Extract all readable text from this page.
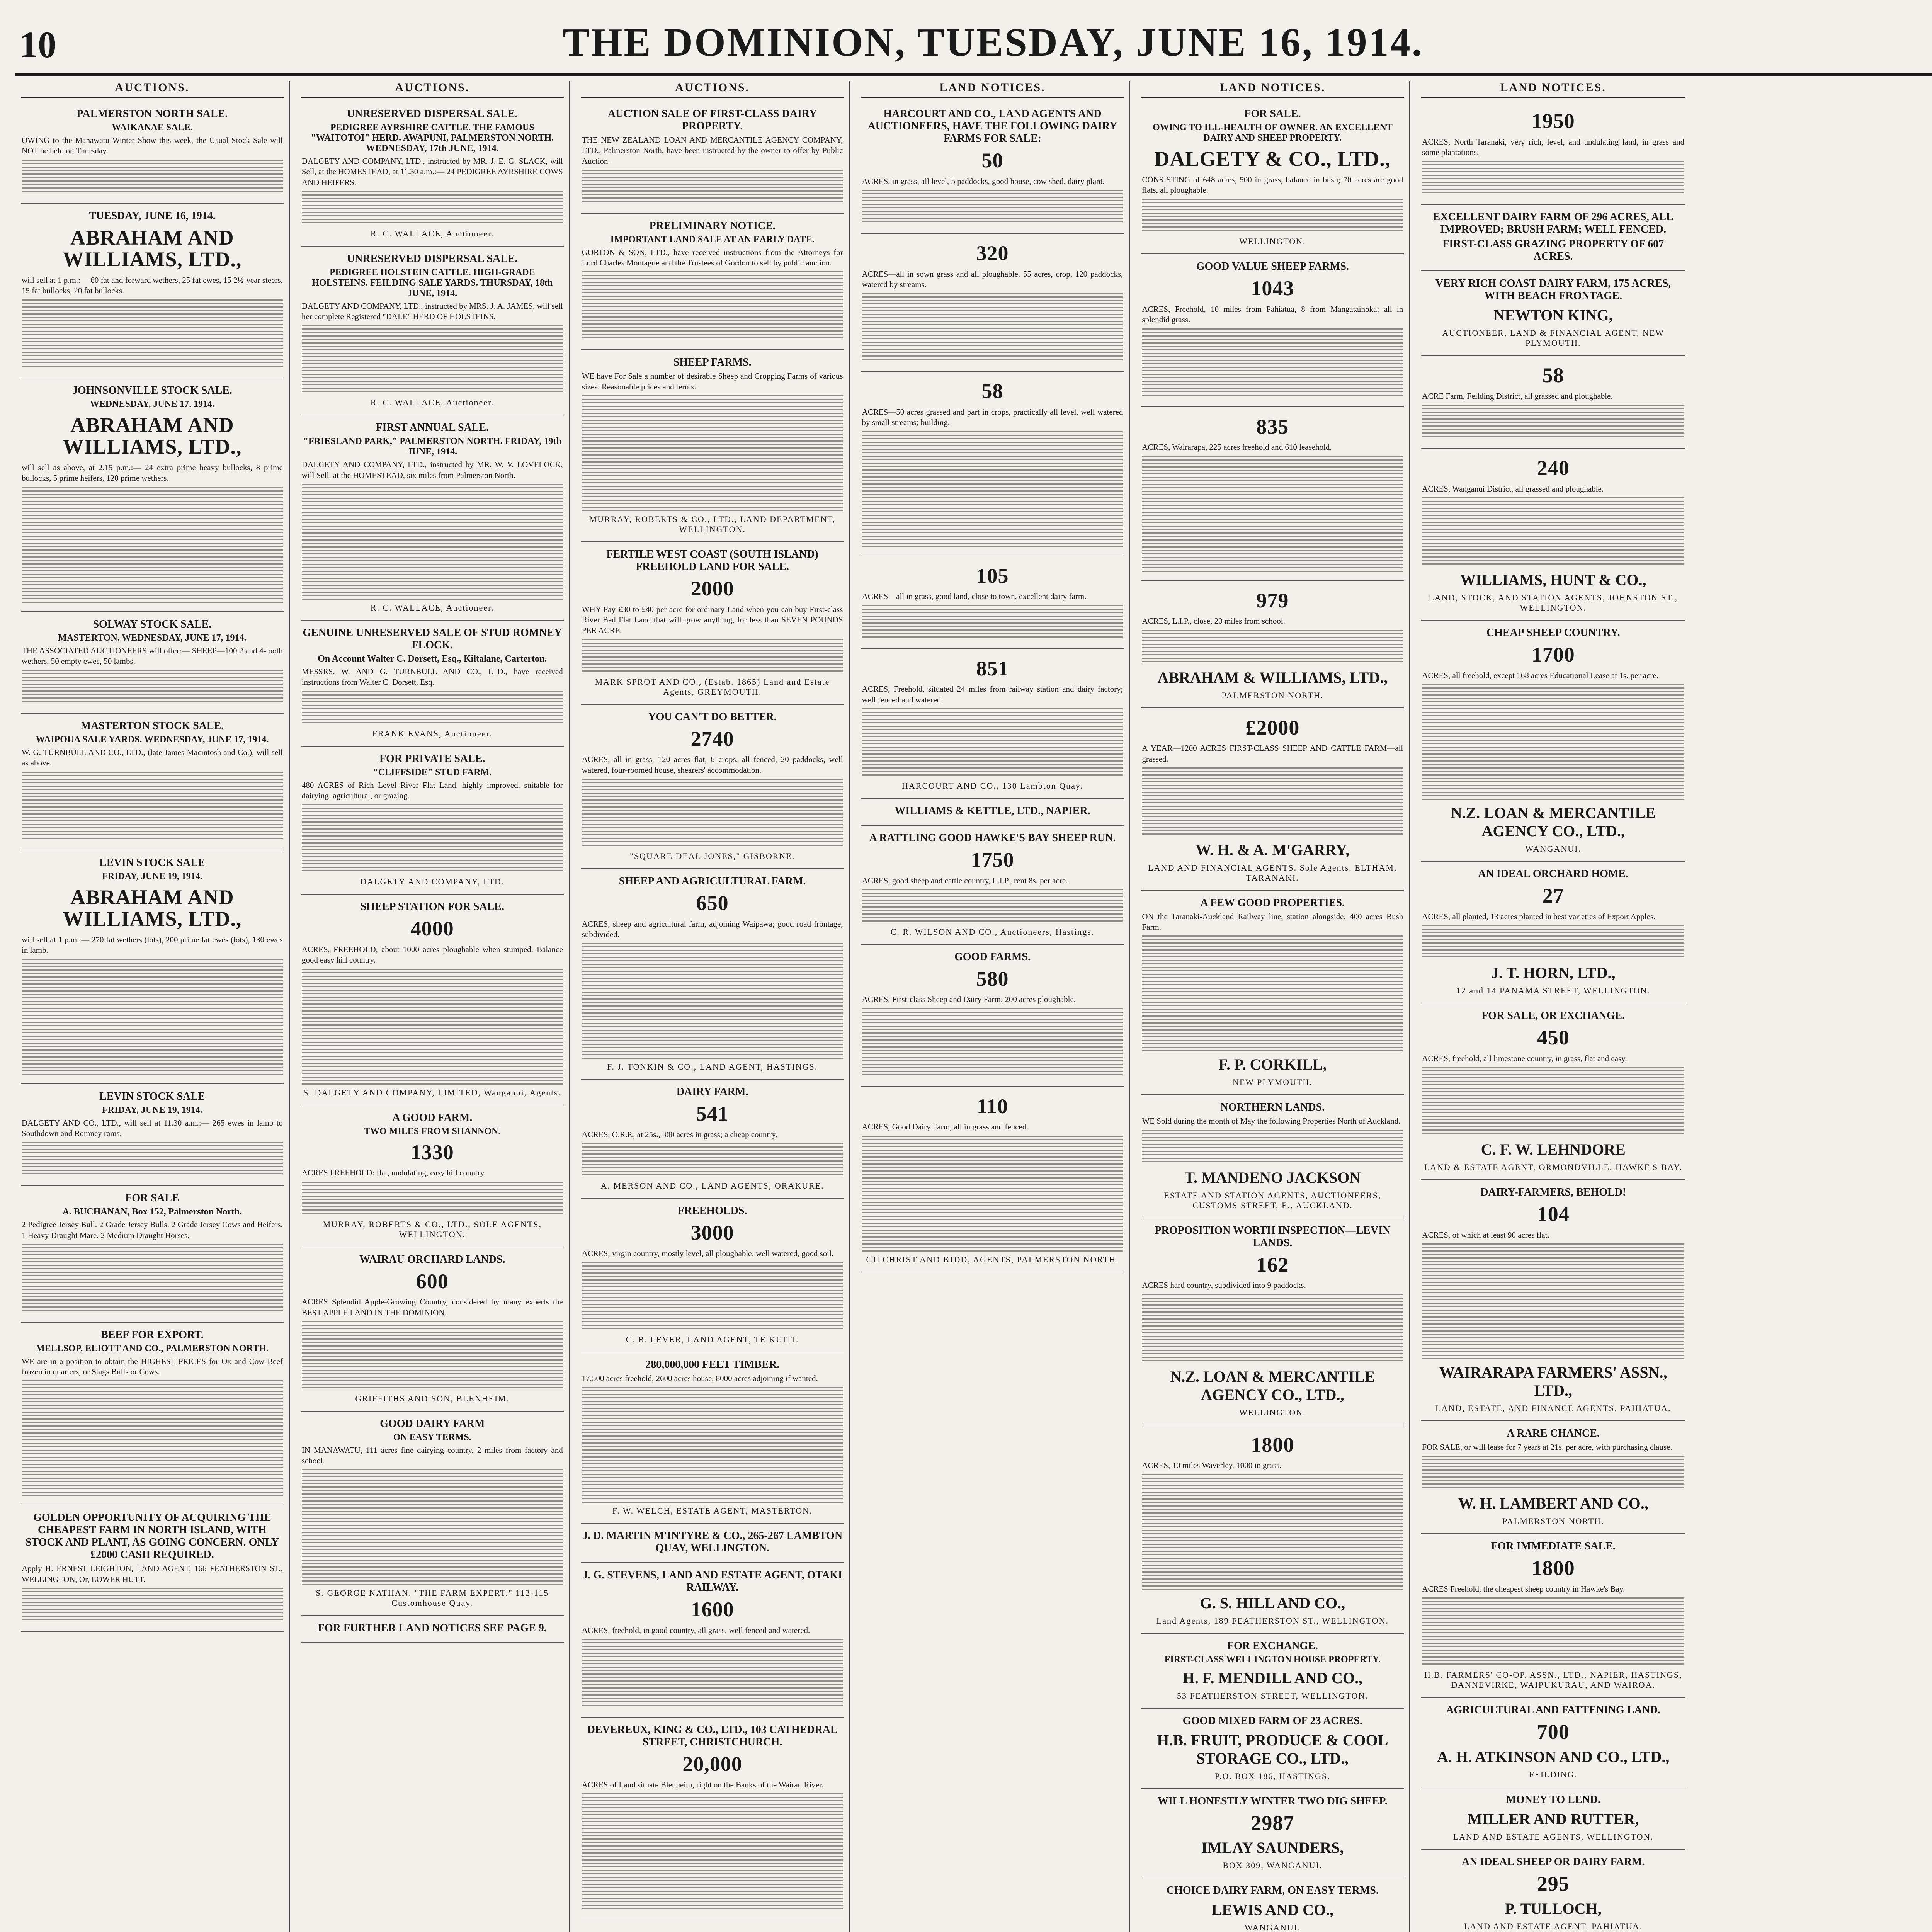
10	THE DOMINION, TUESDAY, JUNE 16, 1914.
AUCTIONS.
PALMERSTON NORTH SALE.
WAIKANAE SALE.
OWING to the Manawatu Winter Show this week, the Usual Stock Sale will NOT be held on Thursday.
TUESDAY, JUNE 16, 1914.
ABRAHAM AND WILLIAMS, LTD.,
will sell at 1 p.m.:— 60 fat and forward wethers, 25 fat ewes, 15 2½-year steers, 15 fat bullocks, 20 fat bullocks.
JOHNSONVILLE STOCK SALE.
WEDNESDAY, JUNE 17, 1914.
ABRAHAM AND WILLIAMS, LTD.,
will sell as above, at 2.15 p.m.:— 24 extra prime heavy bullocks, 8 prime bullocks, 5 prime heifers, 120 prime wethers.
SOLWAY STOCK SALE.
MASTERTON. WEDNESDAY, JUNE 17, 1914.
THE ASSOCIATED AUCTIONEERS will offer:— SHEEP—100 2 and 4-tooth wethers, 50 empty ewes, 50 lambs.
MASTERTON STOCK SALE.
WAIPOUA SALE YARDS. WEDNESDAY, JUNE 17, 1914.
W. G. TURNBULL AND CO., LTD., (late James Macintosh and Co.), will sell as above.
LEVIN STOCK SALE
FRIDAY, JUNE 19, 1914.
ABRAHAM AND WILLIAMS, LTD.,
will sell at 1 p.m.:— 270 fat wethers (lots), 200 prime fat ewes (lots), 130 ewes in lamb.
LEVIN STOCK SALE
FRIDAY, JUNE 19, 1914.
DALGETY AND CO., LTD., will sell at 11.30 a.m.:— 265 ewes in lamb to Southdown and Romney rams.
FOR SALE
A. BUCHANAN, Box 152, Palmerston North.
2 Pedigree Jersey Bull. 2 Grade Jersey Bulls. 2 Grade Jersey Cows and Heifers. 1 Heavy Draught Mare. 2 Medium Draught Horses.
BEEF FOR EXPORT.
MELLSOP, ELIOTT AND CO., PALMERSTON NORTH.
WE are in a position to obtain the HIGHEST PRICES for Ox and Cow Beef frozen in quarters, or Stags Bulls or Cows.
GOLDEN OPPORTUNITY OF ACQUIRING THE CHEAPEST FARM IN NORTH ISLAND, WITH STOCK AND PLANT, AS GOING CONCERN. ONLY £2000 CASH REQUIRED.
Apply H. ERNEST LEIGHTON, LAND AGENT, 166 FEATHERSTON ST., WELLINGTON, Or, LOWER HUTT.
AUCTIONS.
UNRESERVED DISPERSAL SALE.
PEDIGREE AYRSHIRE CATTLE. THE FAMOUS "WAITOTOI" HERD. AWAPUNI, PALMERSTON NORTH. WEDNESDAY, 17th JUNE, 1914.
DALGETY AND COMPANY, LTD., instructed by MR. J. E. G. SLACK, will Sell, at the HOMESTEAD, at 11.30 a.m.:— 24 PEDIGREE AYRSHIRE COWS AND HEIFERS.
R. C. WALLACE, Auctioneer.
UNRESERVED DISPERSAL SALE.
PEDIGREE HOLSTEIN CATTLE. HIGH-GRADE HOLSTEINS. FEILDING SALE YARDS. THURSDAY, 18th JUNE, 1914.
DALGETY AND COMPANY, LTD., instructed by MRS. J. A. JAMES, will sell her complete Registered "DALE" HERD OF HOLSTEINS.
R. C. WALLACE, Auctioneer.
FIRST ANNUAL SALE.
"FRIESLAND PARK," PALMERSTON NORTH. FRIDAY, 19th JUNE, 1914.
DALGETY AND COMPANY, LTD., instructed by MR. W. V. LOVELOCK, will Sell, at the HOMESTEAD, six miles from Palmerston North.
R. C. WALLACE, Auctioneer.
GENUINE UNRESERVED SALE OF STUD ROMNEY FLOCK.
On Account Walter C. Dorsett, Esq., Kiltalane, Carterton.
MESSRS. W. AND G. TURNBULL AND CO., LTD., have received instructions from Walter C. Dorsett, Esq.
FRANK EVANS, Auctioneer.
FOR PRIVATE SALE.
"CLIFFSIDE" STUD FARM.
480 ACRES of Rich Level River Flat Land, highly improved, suitable for dairying, agricultural, or grazing.
DALGETY AND COMPANY, LTD.
SHEEP STATION FOR SALE.
4000
ACRES, FREEHOLD, about 1000 acres ploughable when stumped. Balance good easy hill country.
S. DALGETY AND COMPANY, LIMITED, Wanganui, Agents.
A GOOD FARM.
TWO MILES FROM SHANNON.
1330
ACRES FREEHOLD: flat, undulating, easy hill country.
MURRAY, ROBERTS & CO., LTD., SOLE AGENTS, WELLINGTON.
WAIRAU ORCHARD LANDS.
600
ACRES Splendid Apple-Growing Country, considered by many experts the BEST APPLE LAND IN THE DOMINION.
GRIFFITHS AND SON, BLENHEIM.
GOOD DAIRY FARM
ON EASY TERMS.
IN MANAWATU, 111 acres fine dairying country, 2 miles from factory and school.
S. GEORGE NATHAN, "THE FARM EXPERT," 112-115 Customhouse Quay.
FOR FURTHER LAND NOTICES SEE PAGE 9.
AUCTIONS.
AUCTION SALE OF FIRST-CLASS DAIRY PROPERTY.
THE NEW ZEALAND LOAN AND MERCANTILE AGENCY COMPANY, LTD., Palmerston North, have been instructed by the owner to offer by Public Auction.
PRELIMINARY NOTICE.
IMPORTANT LAND SALE AT AN EARLY DATE.
GORTON & SON, LTD., have received instructions from the Attorneys for Lord Charles Montague and the Trustees of Gordon to sell by public auction.
SHEEP FARMS.
WE have For Sale a number of desirable Sheep and Cropping Farms of various sizes. Reasonable prices and terms.
MURRAY, ROBERTS & CO., LTD., LAND DEPARTMENT, WELLINGTON.
FERTILE WEST COAST (SOUTH ISLAND) FREEHOLD LAND FOR SALE.
2000
WHY Pay £30 to £40 per acre for ordinary Land when you can buy First-class River Bed Flat Land that will grow anything, for less than SEVEN POUNDS PER ACRE.
MARK SPROT AND CO., (Estab. 1865) Land and Estate Agents, GREYMOUTH.
YOU CAN'T DO BETTER.
2740
ACRES, all in grass, 120 acres flat, 6 crops, all fenced, 20 paddocks, well watered, four-roomed house, shearers' accommodation.
"SQUARE DEAL JONES," GISBORNE.
SHEEP AND AGRICULTURAL FARM.
650
ACRES, sheep and agricultural farm, adjoining Waipawa; good road frontage, subdivided.
F. J. TONKIN & CO., LAND AGENT, HASTINGS.
DAIRY FARM.
541
ACRES, O.R.P., at 25s., 300 acres in grass; a cheap country.
A. MERSON AND CO., LAND AGENTS, ORAKURE.
FREEHOLDS.
3000
ACRES, virgin country, mostly level, all ploughable, well watered, good soil.
C. B. LEVER, LAND AGENT, TE KUITI.
280,000,000 FEET TIMBER.
17,500 acres freehold, 2600 acres house, 8000 acres adjoining if wanted.
F. W. WELCH, ESTATE AGENT, MASTERTON.
J. D. MARTIN M'INTYRE & CO., 265-267 LAMBTON QUAY, WELLINGTON.
J. G. STEVENS, LAND AND ESTATE AGENT, OTAKI RAILWAY.
1600
ACRES, freehold, in good country, all grass, well fenced and watered.
DEVEREUX, KING & CO., LTD., 103 CATHEDRAL STREET, CHRISTCHURCH.
20,000
ACRES of Land situate Blenheim, right on the Banks of the Wairau River.
LAND NOTICES.
HARCOURT AND CO., LAND AGENTS AND AUCTIONEERS, HAVE THE FOLLOWING DAIRY FARMS FOR SALE:
50
ACRES, in grass, all level, 5 paddocks, good house, cow shed, dairy plant.
320
ACRES—all in sown grass and all ploughable, 55 acres, crop, 120 paddocks, watered by streams.
58
ACRES—50 acres grassed and part in crops, practically all level, well watered by small streams; building.
105
ACRES—all in grass, good land, close to town, excellent dairy farm.
851
ACRES, Freehold, situated 24 miles from railway station and dairy factory; well fenced and watered.
HARCOURT AND CO., 130 Lambton Quay.
WILLIAMS & KETTLE, LTD., NAPIER.
A RATTLING GOOD HAWKE'S BAY SHEEP RUN.
1750
ACRES, good sheep and cattle country, L.I.P., rent 8s. per acre.
C. R. WILSON AND CO., Auctioneers, Hastings.
GOOD FARMS.
580
ACRES, First-class Sheep and Dairy Farm, 200 acres ploughable.
110
ACRES, Good Dairy Farm, all in grass and fenced.
GILCHRIST AND KIDD, AGENTS, PALMERSTON NORTH.
LAND NOTICES.
FOR SALE.
OWING TO ILL-HEALTH OF OWNER. AN EXCELLENT DAIRY AND SHEEP PROPERTY.
DALGETY & CO., LTD.,
CONSISTING of 648 acres, 500 in grass, balance in bush; 70 acres are good flats, all ploughable.
WELLINGTON.
GOOD VALUE SHEEP FARMS.
1043
ACRES, Freehold, 10 miles from Pahiatua, 8 from Mangatainoka; all in splendid grass.
835
ACRES, Wairarapa, 225 acres freehold and 610 leasehold.
979
ACRES, L.I.P., close, 20 miles from school.
ABRAHAM & WILLIAMS, LTD.,
PALMERSTON NORTH.
£2000
A YEAR—1200 ACRES FIRST-CLASS SHEEP AND CATTLE FARM—all grassed.
W. H. & A. M'GARRY,
LAND AND FINANCIAL AGENTS. Sole Agents. ELTHAM, TARANAKI.
A FEW GOOD PROPERTIES.
ON the Taranaki-Auckland Railway line, station alongside, 400 acres Bush Farm.
F. P. CORKILL,
NEW PLYMOUTH.
NORTHERN LANDS.
WE Sold during the month of May the following Properties North of Auckland.
T. MANDENO JACKSON
ESTATE AND STATION AGENTS, AUCTIONEERS, CUSTOMS STREET, E., AUCKLAND.
PROPOSITION WORTH INSPECTION—LEVIN LANDS.
162
ACRES hard country, subdivided into 9 paddocks.
N.Z. LOAN & MERCANTILE AGENCY CO., LTD.,
WELLINGTON.
1800
ACRES, 10 miles Waverley, 1000 in grass.
G. S. HILL AND CO.,
Land Agents, 189 FEATHERSTON ST., WELLINGTON.
FOR EXCHANGE.
FIRST-CLASS WELLINGTON HOUSE PROPERTY.
H. F. MENDILL AND CO.,
53 FEATHERSTON STREET, WELLINGTON.
GOOD MIXED FARM OF 23 ACRES.
H.B. FRUIT, PRODUCE & COOL STORAGE CO., LTD.,
P.O. BOX 186, HASTINGS.
WILL HONESTLY WINTER TWO DIG SHEEP.
2987
IMLAY SAUNDERS,
BOX 309, WANGANUI.
CHOICE DAIRY FARM, ON EASY TERMS.
LEWIS AND CO.,
WANGANUI.
LAND NOTICES.
1950
ACRES, North Taranaki, very rich, level, and undulating land, in grass and some plantations.
EXCELLENT DAIRY FARM OF 296 ACRES, ALL IMPROVED; BRUSH FARM; WELL FENCED.
FIRST-CLASS GRAZING PROPERTY OF 607 ACRES.
VERY RICH COAST DAIRY FARM, 175 ACRES, WITH BEACH FRONTAGE.
NEWTON KING,
AUCTIONEER, LAND & FINANCIAL AGENT, NEW PLYMOUTH.
58
ACRE Farm, Feilding District, all grassed and ploughable.
240
ACRES, Wanganui District, all grassed and ploughable.
WILLIAMS, HUNT & CO.,
LAND, STOCK, AND STATION AGENTS, JOHNSTON ST., WELLINGTON.
CHEAP SHEEP COUNTRY.
1700
ACRES, all freehold, except 168 acres Educational Lease at 1s. per acre.
N.Z. LOAN & MERCANTILE AGENCY CO., LTD.,
WANGANUI.
AN IDEAL ORCHARD HOME.
27
ACRES, all planted, 13 acres planted in best varieties of Export Apples.
J. T. HORN, LTD.,
12 and 14 PANAMA STREET, WELLINGTON.
FOR SALE, OR EXCHANGE.
450
ACRES, freehold, all limestone country, in grass, flat and easy.
C. F. W. LEHNDORE
LAND & ESTATE AGENT, ORMONDVILLE, HAWKE'S BAY.
DAIRY-FARMERS, BEHOLD!
104
ACRES, of which at least 90 acres flat.
WAIRARAPA FARMERS' ASSN., LTD.,
LAND, ESTATE, AND FINANCE AGENTS, PAHIATUA.
A RARE CHANCE.
FOR SALE, or will lease for 7 years at 21s. per acre, with purchasing clause.
W. H. LAMBERT AND CO.,
PALMERSTON NORTH.
FOR IMMEDIATE SALE.
1800
ACRES Freehold, the cheapest sheep country in Hawke's Bay.
H.B. FARMERS' CO-OP. ASSN., LTD., NAPIER, HASTINGS, DANNEVIRKE, WAIPUKURAU, AND WAIROA.
AGRICULTURAL AND FATTENING LAND.
700
A. H. ATKINSON AND CO., LTD.,
FEILDING.
MONEY TO LEND.
MILLER AND RUTTER,
LAND AND ESTATE AGENTS, WELLINGTON.
AN IDEAL SHEEP OR DAIRY FARM.
295
P. TULLOCH,
LAND AND ESTATE AGENT, PAHIATUA.
